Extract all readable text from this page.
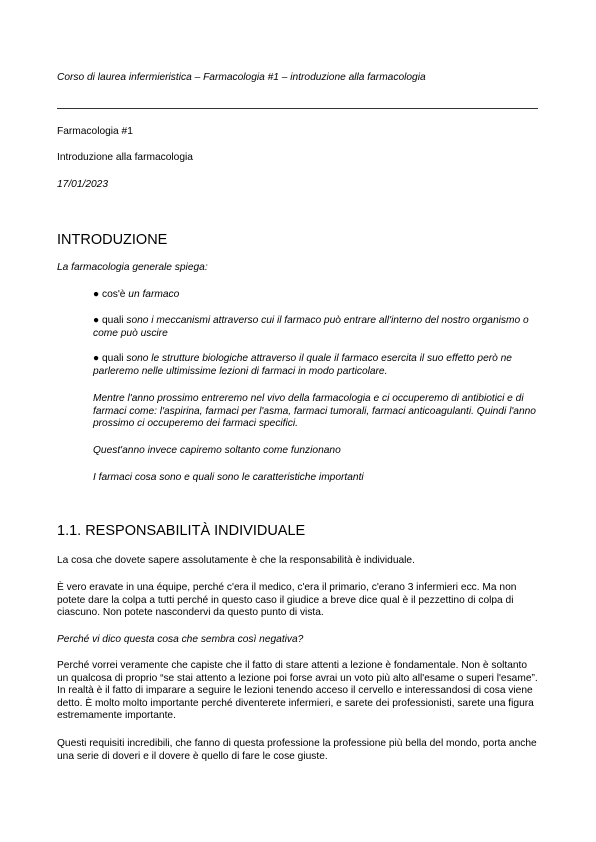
Corso di laurea infermieristica – Farmacologia #1 – introduzione alla farmacologia

Farmacologia #1

Introduzione alla farmacologia

17/01/2023

INTRODUZIONE

La farmacologia generale spiega:

● cos'è un farmaco

● quali sono i meccanismi attraverso cui il farmaco può entrare all'interno del nostro organismo o come può uscire

● quali sono le strutture biologiche attraverso il quale il farmaco esercita il suo effetto però ne parleremo nelle ultimissime lezioni di farmaci in modo particolare.

Mentre l'anno prossimo entreremo nel vivo della farmacologia e ci occuperemo di antibiotici e di farmaci come: l'aspirina, farmaci per l'asma, farmaci tumorali, farmaci anticoagulanti. Quindi l'anno prossimo ci occuperemo dei farmaci specifici.

Quest'anno invece capiremo soltanto come funzionano

I farmaci cosa sono e quali sono le caratteristiche importanti

1.1. RESPONSABILITÀ INDIVIDUALE

La cosa che dovete sapere assolutamente è che la responsabilità è individuale.

È vero eravate in una équipe, perché c'era il medico, c'era il primario, c'erano 3 infermieri ecc. Ma non potete dare la colpa a tutti perché in questo caso il giudice a breve dice qual è il pezzettino di colpa di ciascuno. Non potete nascondervi da questo punto di vista.

Perché vi dico questa cosa che sembra così negativa?

Perché vorrei veramente che capiste che il fatto di stare attenti a lezione è fondamentale. Non è soltanto un qualcosa di proprio “se stai attento a lezione poi forse avrai un voto più alto all'esame o superi l'esame”. In realtà è il fatto di imparare a seguire le lezioni tenendo acceso il cervello e interessandosi di cosa viene detto. È molto molto importante perché diventerete infermieri, e sarete dei professionisti, sarete una figura estremamente importante.

Questi requisiti incredibili, che fanno di questa professione la professione più bella del mondo, porta anche una serie di doveri e il dovere è quello di fare le cose giuste.
